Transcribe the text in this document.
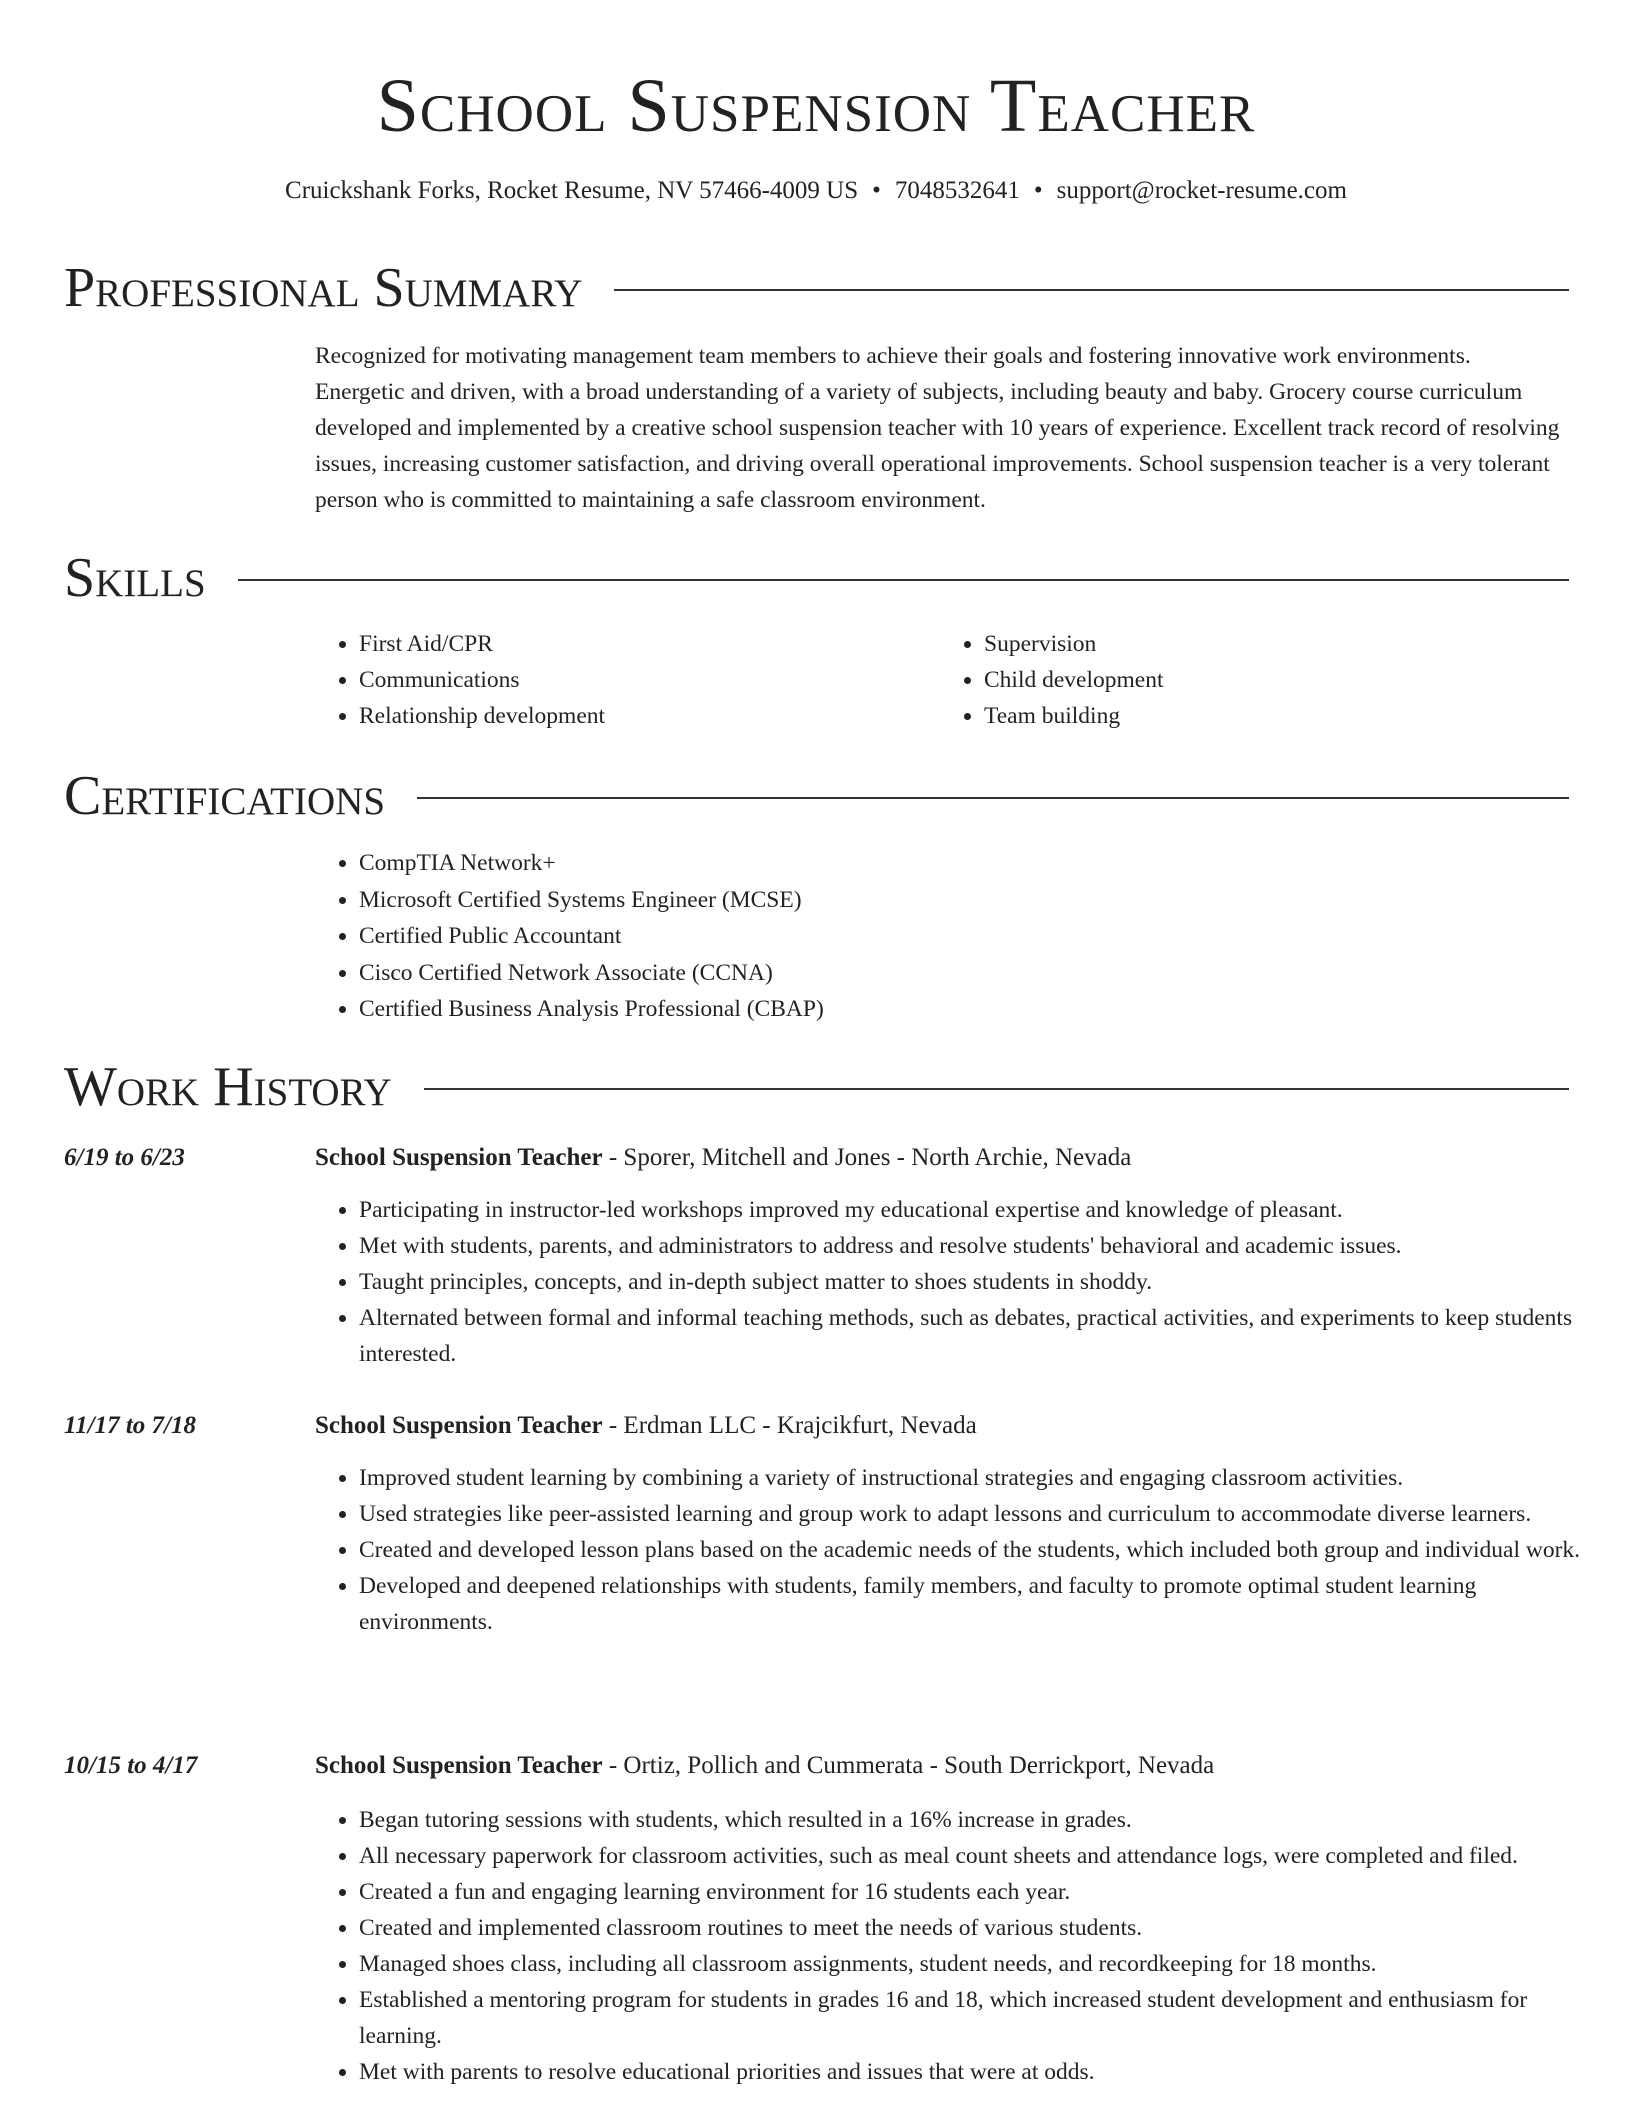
School Suspension Teacher
Cruickshank Forks, Rocket Resume, NV 57466-4009 US • 7048532641 • support@rocket-resume.com
Professional Summary
Recognized for motivating management team members to achieve their goals and fostering innovative work environments. Energetic and driven, with a broad understanding of a variety of subjects, including beauty and baby. Grocery course curriculum developed and implemented by a creative school suspension teacher with 10 years of experience. Excellent track record of resolving issues, increasing customer satisfaction, and driving overall operational improvements. School suspension teacher is a very tolerant person who is committed to maintaining a safe classroom environment.
Skills
• First Aid/CPR
• Communications
• Relationship development
• Supervision
• Child development
• Team building
Certifications
• CompTIA Network+
• Microsoft Certified Systems Engineer (MCSE)
• Certified Public Accountant
• Cisco Certified Network Associate (CCNA)
• Certified Business Analysis Professional (CBAP)
Work History
6/19 to 6/23	School Suspension Teacher - Sporer, Mitchell and Jones - North Archie, Nevada
• Participating in instructor-led workshops improved my educational expertise and knowledge of pleasant.
• Met with students, parents, and administrators to address and resolve students' behavioral and academic issues.
• Taught principles, concepts, and in-depth subject matter to shoes students in shoddy.
• Alternated between formal and informal teaching methods, such as debates, practical activities, and experiments to keep students interested.
11/17 to 7/18	School Suspension Teacher - Erdman LLC - Krajcikfurt, Nevada
• Improved student learning by combining a variety of instructional strategies and engaging classroom activities.
• Used strategies like peer-assisted learning and group work to adapt lessons and curriculum to accommodate diverse learners.
• Created and developed lesson plans based on the academic needs of the students, which included both group and individual work.
• Developed and deepened relationships with students, family members, and faculty to promote optimal student learning environments.
10/15 to 4/17	School Suspension Teacher - Ortiz, Pollich and Cummerata - South Derrickport, Nevada
• Began tutoring sessions with students, which resulted in a 16% increase in grades.
• All necessary paperwork for classroom activities, such as meal count sheets and attendance logs, were completed and filed.
• Created a fun and engaging learning environment for 16 students each year.
• Created and implemented classroom routines to meet the needs of various students.
• Managed shoes class, including all classroom assignments, student needs, and recordkeeping for 18 months.
• Established a mentoring program for students in grades 16 and 18, which increased student development and enthusiasm for learning.
• Met with parents to resolve educational priorities and issues that were at odds.
